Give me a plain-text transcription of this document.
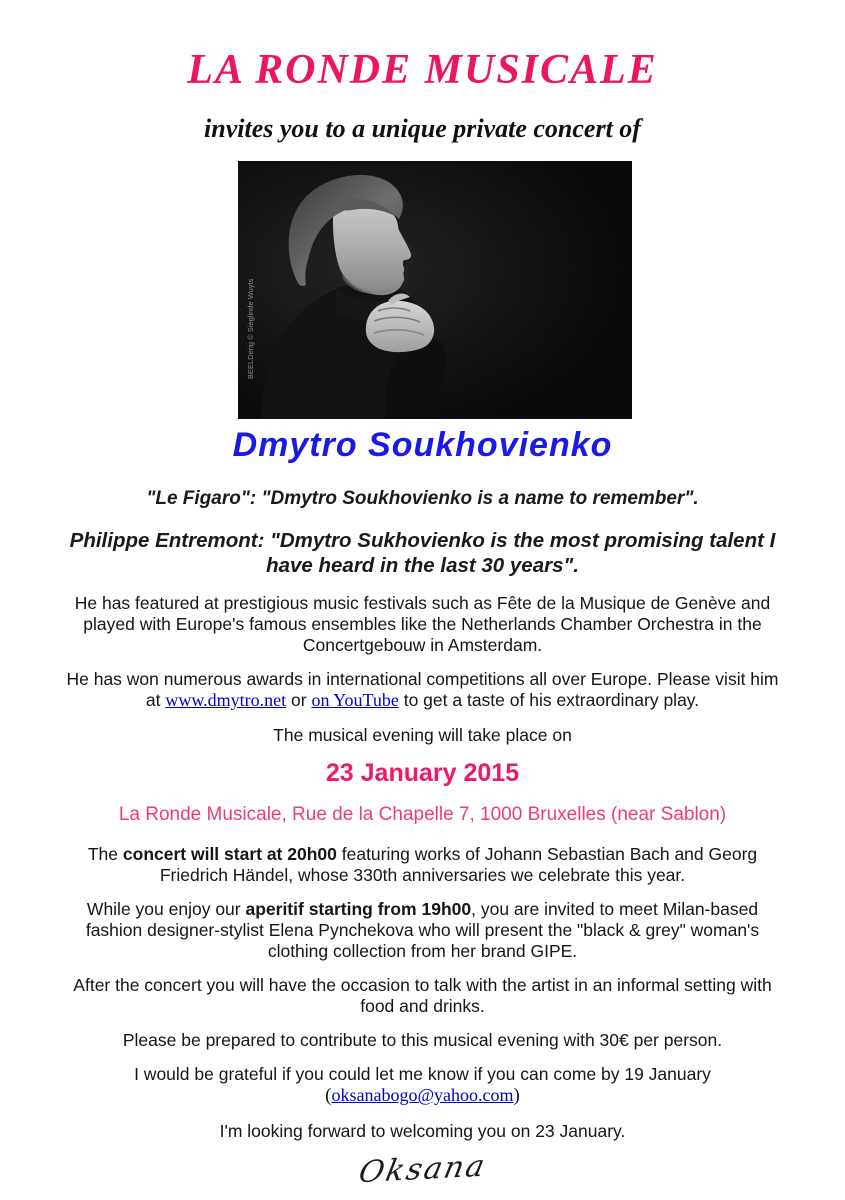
LA RONDE MUSICALE

invites you to a unique private concert of

BEELDerig © Sieglinde Wuyts
Dmytro Soukhovienko

"Le Figaro": "Dmytro Soukhovienko is a name to remember".

Philippe Entremont: "Dmytro Sukhovienko is the most promising talent I have heard in the last 30 years".

He has featured at prestigious music festivals such as Fête de la Musique de Genève and played with Europe's famous ensembles like the Netherlands Chamber Orchestra in the Concertgebouw in Amsterdam.

He has won numerous awards in international competitions all over Europe. Please visit him at www.dmytro.net or on YouTube to get a taste of his extraordinary play.

The musical evening will take place on

23 January 2015

La Ronde Musicale, Rue de la Chapelle 7, 1000 Bruxelles (near Sablon)

The concert will start at 20h00 featuring works of Johann Sebastian Bach and Georg Friedrich Händel, whose 330th anniversaries we celebrate this year.

While you enjoy our aperitif starting from 19h00, you are invited to meet Milan-based fashion designer-stylist Elena Pynchekova who will present the "black & grey" woman's clothing collection from her brand GIPE.

After the concert you will have the occasion to talk with the artist in an informal setting with food and drinks.

Please be prepared to contribute to this musical evening with 30€ per person.

I would be grateful if you could let me know if you can come by 19 January
(oksanabogo@yahoo.com)

I'm looking forward to welcoming you on 23 January.

Oksana
